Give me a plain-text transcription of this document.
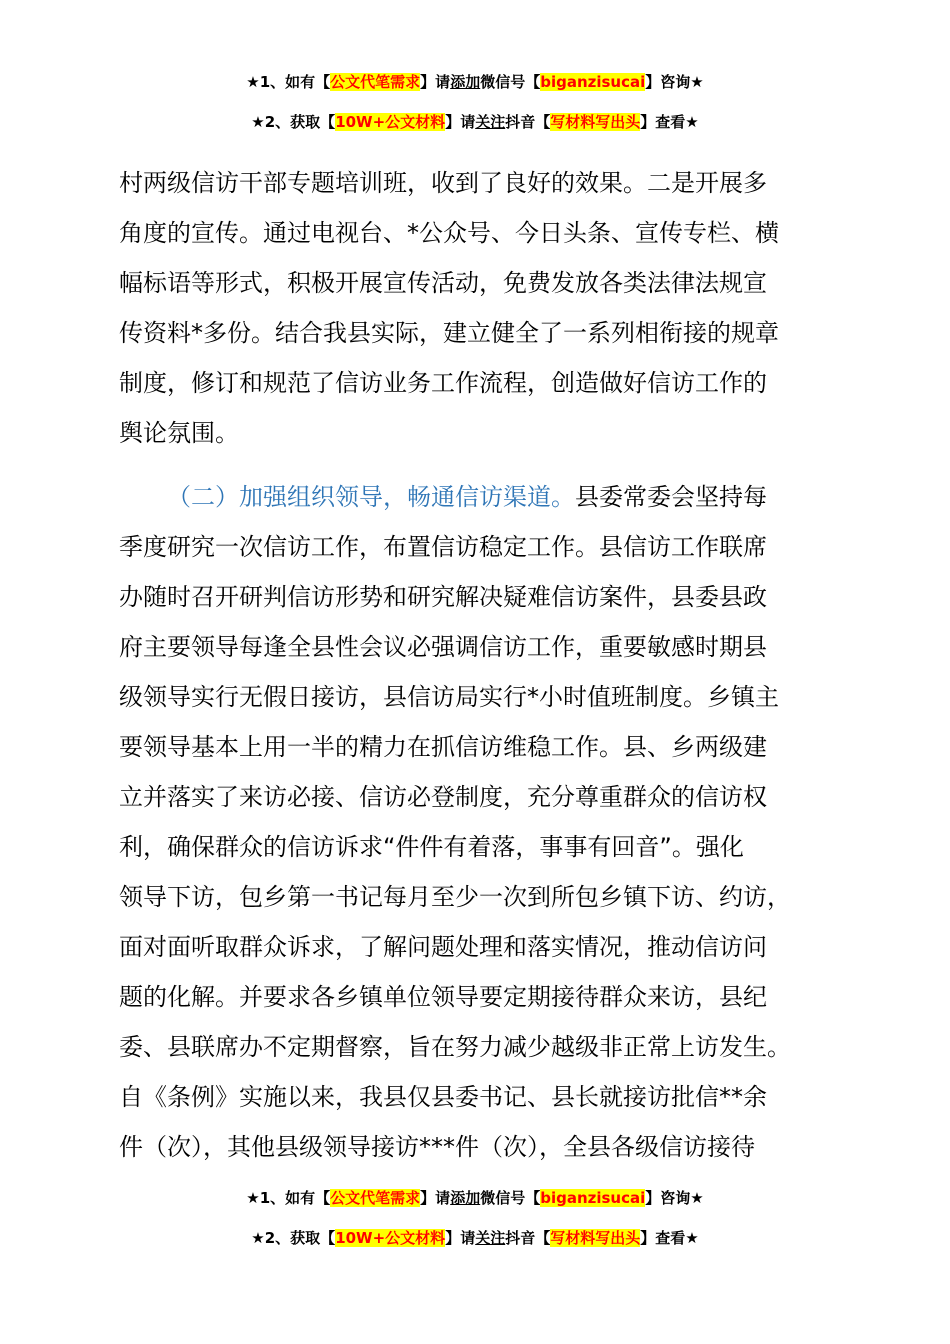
★1、如有【公文代笔需求】请添加微信号【biganzisucai】咨询★
★2、获取【10W+公文材料】请关注抖音【写材料写出头】查看★
村两级信访干部专题培训班，收到了良好的效果。二是开展多
角度的宣传。通过电视台、*公众号、今日头条、宣传专栏、横
幅标语等形式，积极开展宣传活动，免费发放各类法律法规宣
传资料*多份。结合我县实际，建立健全了一系列相衔接的规章
制度，修订和规范了信访业务工作流程，创造做好信访工作的
舆论氛围。
（二）加强组织领导，畅通信访渠道。县委常委会坚持每
季度研究一次信访工作，布置信访稳定工作。县信访工作联席
办随时召开研判信访形势和研究解决疑难信访案件，县委县政
府主要领导每逢全县性会议必强调信访工作，重要敏感时期县
级领导实行无假日接访，县信访局实行*小时值班制度。乡镇主
要领导基本上用一半的精力在抓信访维稳工作。县、乡两级建
立并落实了来访必接、信访必登制度，充分尊重群众的信访权
利，确保群众的信访诉求“件件有着落，事事有回音”。强化
领导下访，包乡第一书记每月至少一次到所包乡镇下访、约访，
面对面听取群众诉求，了解问题处理和落实情况，推动信访问
题的化解。并要求各乡镇单位领导要定期接待群众来访，县纪
委、县联席办不定期督察，旨在努力减少越级非正常上访发生。
自《条例》实施以来，我县仅县委书记、县长就接访批信**余
件（次），其他县级领导接访***件（次），全县各级信访接待
★1、如有【公文代笔需求】请添加微信号【biganzisucai】咨询★
★2、获取【10W+公文材料】请关注抖音【写材料写出头】查看★
